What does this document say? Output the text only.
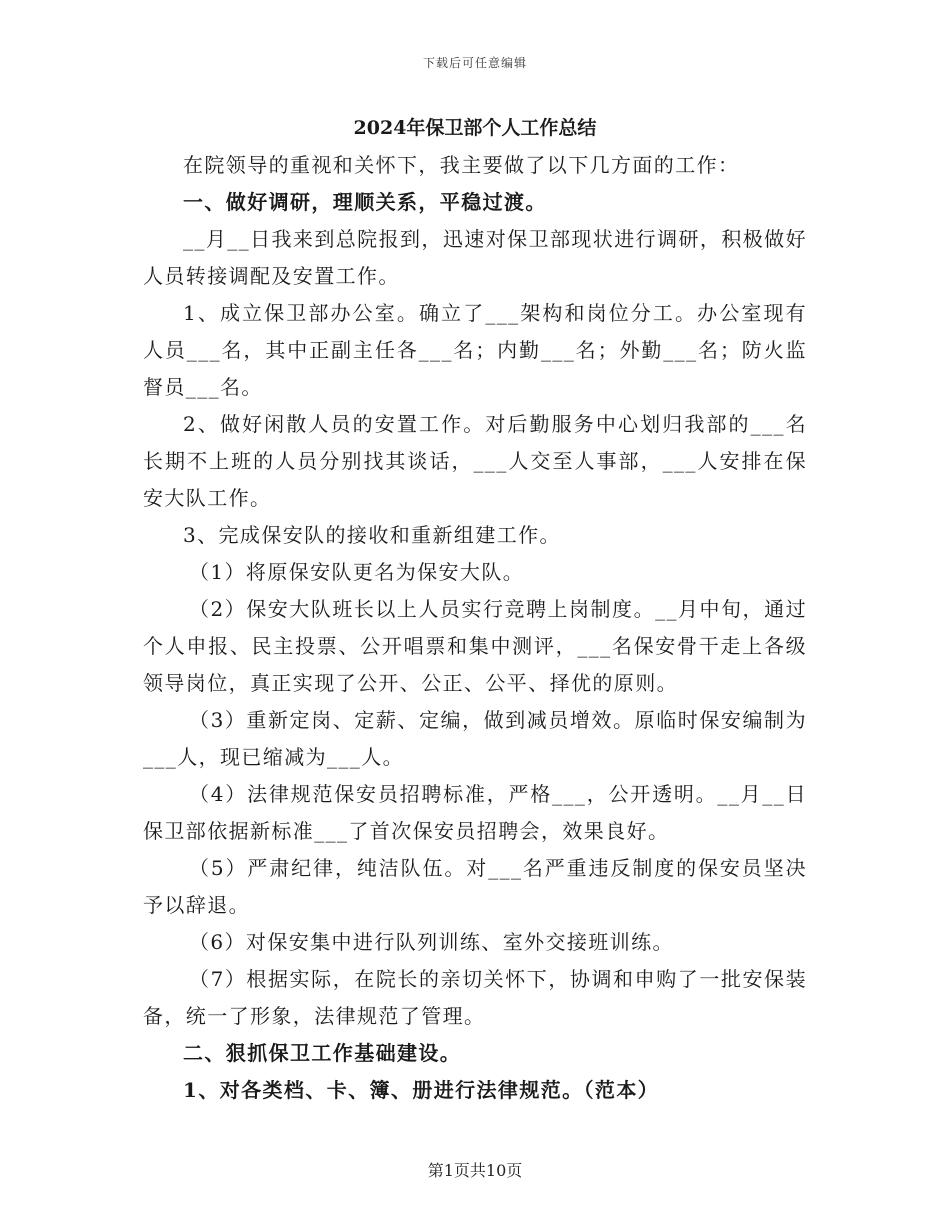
下载后可任意编辑
2024年保卫部个人工作总结

在院领导的重视和关怀下，我主要做了以下几方面的工作：

一、做好调研，理顺关系，平稳过渡。

__月__日我来到总院报到，迅速对保卫部现状进行调研，积极做好人员转接调配及安置工作。

1、成立保卫部办公室。确立了___架构和岗位分工。办公室现有人员___名，其中正副主任各___名；内勤___名；外勤___名；防火监督员___名。

2、做好闲散人员的安置工作。对后勤服务中心划归我部的___名长期不上班的人员分别找其谈话，___人交至人事部，___人安排在保安大队工作。

3、完成保安队的接收和重新组建工作。

（1）将原保安队更名为保安大队。

（2）保安大队班长以上人员实行竞聘上岗制度。__月中旬，通过个人申报、民主投票、公开唱票和集中测评，___名保安骨干走上各级领导岗位，真正实现了公开、公正、公平、择优的原则。

（3）重新定岗、定薪、定编，做到减员增效。原临时保安编制为___人，现已缩减为___人。

（4）法律规范保安员招聘标准，严格___，公开透明。__月__日保卫部依据新标准___了首次保安员招聘会，效果良好。

（5）严肃纪律，纯洁队伍。对___名严重违反制度的保安员坚决予以辞退。

（6）对保安集中进行队列训练、室外交接班训练。

（7）根据实际，在院长的亲切关怀下，协调和申购了一批安保装备，统一了形象，法律规范了管理。

二、狠抓保卫工作基础建设。

1、对各类档、卡、簿、册进行法律规范。（范本）

第1页共10页
